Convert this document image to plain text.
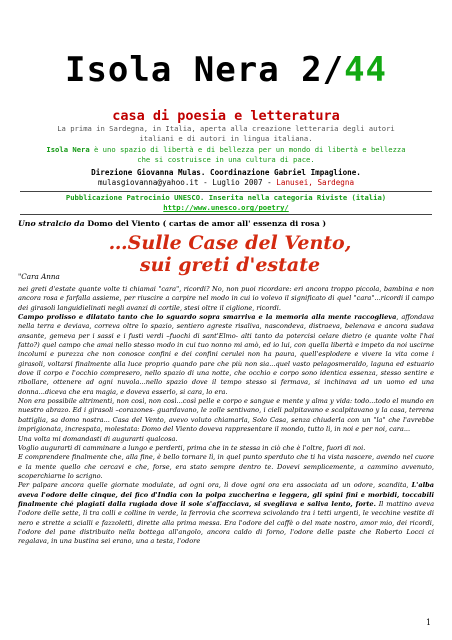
Isola Nera 2/44
casa di poesia e letteratura
La prima in Sardegna, in Italia, aperta alla creazione letteraria degli autori italiani e di autori in lingua italiana.
Isola Nera è uno spazio di libertà e di bellezza per un mondo di libertà e bellezza che si costruisce in una cultura di pace.
Direzione Giovanna Mulas. Coordinazione Gabriel Impaglione.
mulasgiovanna@yahoo.it - Luglio 2007 - Lanusei, Sardegna
Pubblicazione Patrocinio UNESCO. Inserita nella categoria Riviste (italia)
http://www.unesco.org/poetry/
Uno stralcio da Domo del Viento ( cartas de amor all' essenza di rosa )
…Sulle Case del Vento,
sui greti d'estate
"Cara Anna

nei greti d'estate quante volte ti chiamai "cara", ricordi? No, non puoi ricordare: eri ancora troppo piccola, bambina e non ancora rosa e farfalla assieme, per riuscire a carpire nel modo in cui io volevo il significato di quel "cara"...ricordi il campo dei girasoli languidielinati negli avanzi di cortile, stesi oltre il ciglione, ricordi.

Campo prolisso e dilatato tanto che lo sguardo sopra smarriva e la memoria alla mente raccoglieva, affondava nella terra e deviava, correva oltre lo spazio, sentiero agreste risaliva, nascondeva, distraeva, belenava e ancora sudava ansante, gemeva per i sassi e i fusti verdi –fuochi di sant'Elmo- alti tanto da potercisi celare dietro (e quante volte l'hai fatto?) quel campo che amai nello stesso modo in cui tuo nonno mi amò, ed io lui, con quella libertà e impeto da noi uscirne incolumi e purezza che non conosce confini e dei confini cerulei non ha paura, quell'esplodere e vivere la vita come i girasoli, voltarsi finalmente alla luce proprio quando pare che più non sia...quel vasto pelagosmeraldo, laguna ed estuario dove il corpo e l'occhio compresero, nello spazio di una notte, che occhio e corpo sono identica essenza, stesso sentire e ribollare, ottenere ad ogni nuvola...nello spazio dove il tempo stesso si fermava, si inchinava ad un uomo ed una donna...diceva che era magia, e doveva esserlo, si cara, lo era.

Non era possibile altrimenti, non così, non così...così pelle e corpo e sangue e mente y alma y vida: todo...todo el mundo en nuestro abrazo. Ed i girasoli –corazones- guardavano, le zolle sentivano, i cieli palpitavano e scalpitavano y la casa, terrena battiglia, sa domo nostra... Casa del Vento, avevo voluto chiamarla, Solo Casa, senza chiuderla con un "la" che l'avrebbe imprigionata, increspata, molestata: Domo del Viento doveva rappresentare il mondo, tutto lì, in noi e per noi, cara...

Una volta mi domandasti di augurarti qualcosa.

Voglio augurarti di camminare a lungo e perderti, prima che in te stessa in ciò che è l'oltre, fuori di noi.

E comprendere finalmente che, alla fine, è bello tornare lì, in quel punto sperduto che ti ha vista nascere, avendo nel cuore e la mente quello che cercavi e che, forse, era stato sempre dentro te. Dovevi semplicemente, a cammino avvenuto, scoperchiarne lo scrigno.

Per palpare ancora quelle giornate modulate, ad ogni ora, lì dove ogni ora era associata ad un odore, scandita, L'alba aveva l'odore delle cinque, dei fico d'India con la polpa zuccherina e leggera, gli spini fini e morbidi, toccabili finalmente ché plagiati dalla rugiada dove il sole s'affacciava, si svegliava e saliva lento, forte. Il mattino aveva l'odore delle sette, lì tra colli e colline in verde, la ferrovia che scorreva scivolando tra i tetti urgenti, le vecchine vestite di nero e strette a scialli e fazzoletti, dirette alla prima messa. Era l'odore del caffè o del mate nostro, amor mio, dei ricordi, l'odore del pane distribuito nella bottega all'angolo, ancora caldo di forno, l'odore delle paste che Roberto Locci ci regalava, in una bustina sei erano, una a testa, l'odore

1
